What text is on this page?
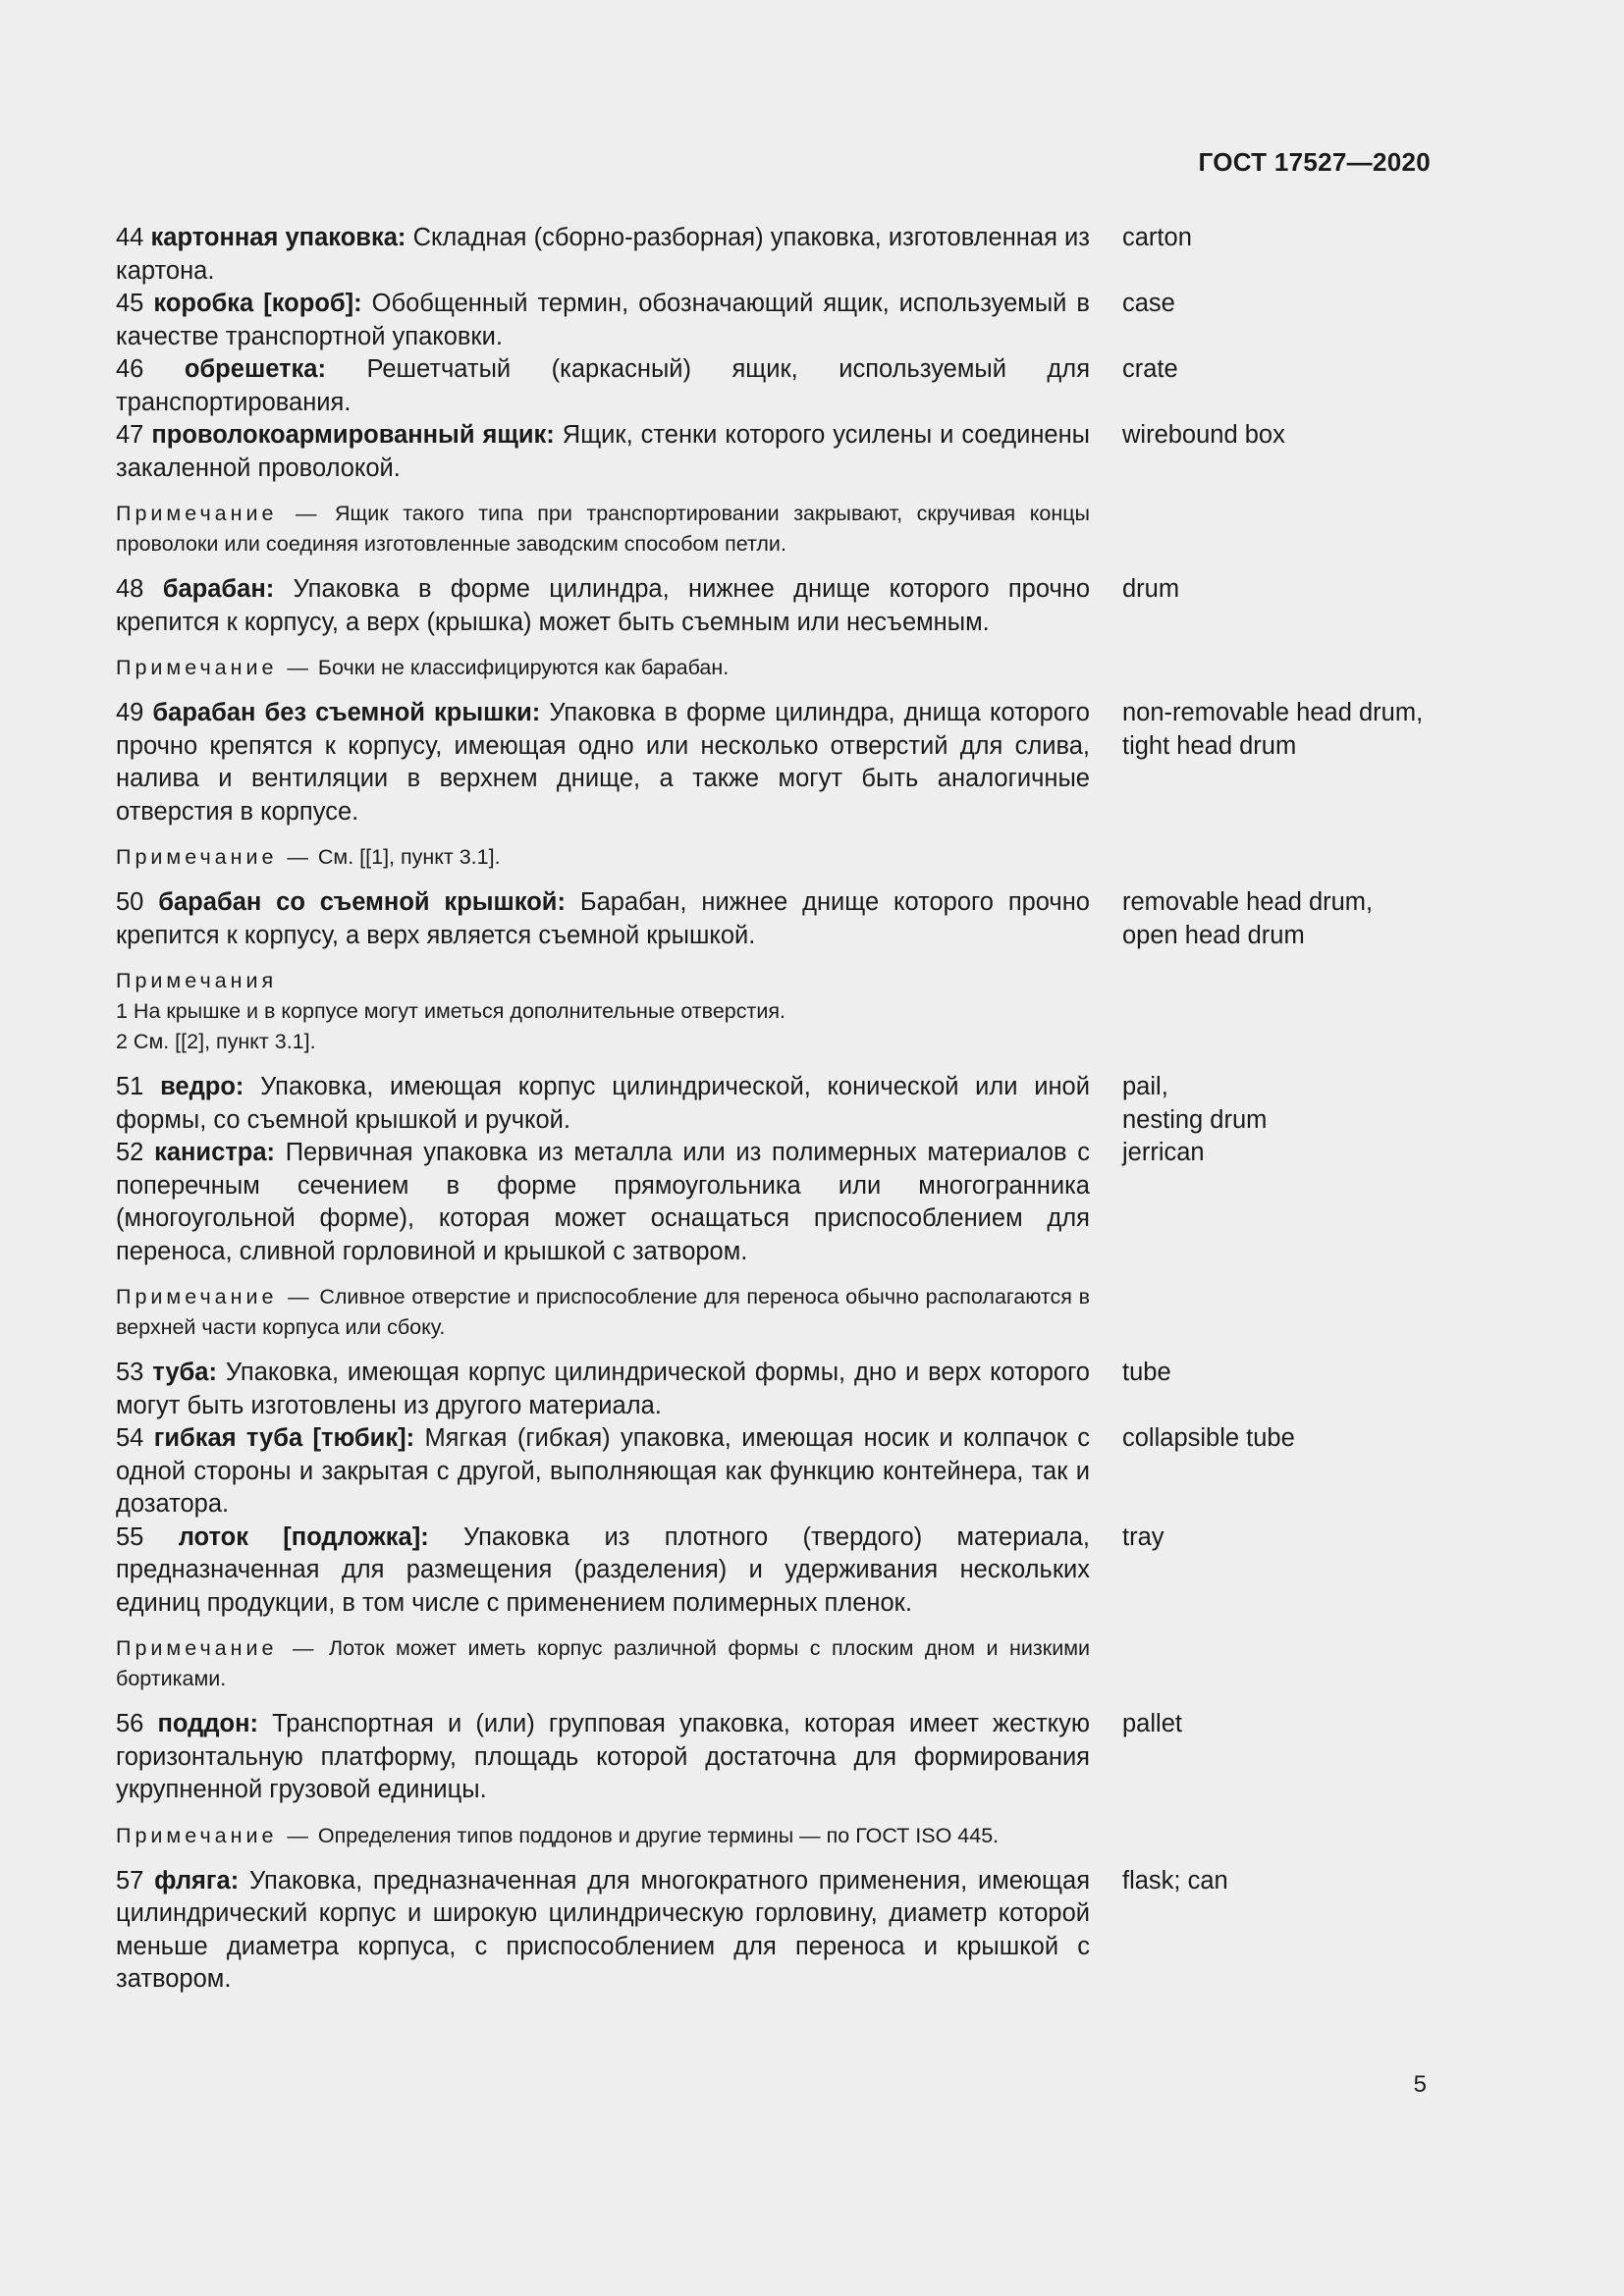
ГОСТ 17527—2020
44 картонная упаковка: Складная (сборно-разборная) упаковка, изготовленная из картона.
carton
45 коробка [короб]: Обобщенный термин, обозначающий ящик, используемый в качестве транспортной упаковки.
case
46 обрешетка: Решетчатый (каркасный) ящик, используемый для транспортирования.
crate
47 проволокоармированный ящик: Ящик, стенки которого усилены и соединены закаленной проволокой.
wirebound box
Примечание — Ящик такого типа при транспортировании закрывают, скручивая концы проволоки или соединяя изготовленные заводским способом петли.
48 барабан: Упаковка в форме цилиндра, нижнее днище которого прочно крепится к корпусу, а верх (крышка) может быть съемным или несъемным.
drum
Примечание — Бочки не классифицируются как барабан.
49 барабан без съемной крышки: Упаковка в форме цилиндра, днища которого прочно крепятся к корпусу, имеющая одно или несколько отверстий для слива, налива и вентиляции в верхнем днище, а также могут быть аналогичные отверстия в корпусе.
non-removable head drum,
tight head drum
Примечание — См. [[1], пункт 3.1].
50 барабан со съемной крышкой: Барабан, нижнее днище которого прочно крепится к корпусу, а верх является съемной крышкой.
removable head drum,
open head drum
Примечания
1 На крышке и в корпусе могут иметься дополнительные отверстия.
2 См. [[2], пункт 3.1].
51 ведро: Упаковка, имеющая корпус цилиндрической, конической или иной формы, со съемной крышкой и ручкой.
pail,
nesting drum
52 канистра: Первичная упаковка из металла или из полимерных материалов с поперечным сечением в форме прямоугольника или многогранника (многоугольной форме), которая может оснащаться приспособлением для переноса, сливной горловиной и крышкой с затвором.
jerrican
Примечание — Сливное отверстие и приспособление для переноса обычно располагаются в верхней части корпуса или сбоку.
53 туба: Упаковка, имеющая корпус цилиндрической формы, дно и верх которого могут быть изготовлены из другого материала.
tube
54 гибкая туба [тюбик]: Мягкая (гибкая) упаковка, имеющая носик и колпачок с одной стороны и закрытая с другой, выполняющая как функцию контейнера, так и дозатора.
collapsible tube
55 лоток [подложка]: Упаковка из плотного (твердого) материала, предназначенная для размещения (разделения) и удерживания нескольких единиц продукции, в том числе с применением полимерных пленок.
tray
Примечание — Лоток может иметь корпус различной формы с плоским дном и низкими бортиками.
56 поддон: Транспортная и (или) групповая упаковка, которая имеет жесткую горизонтальную платформу, площадь которой достаточна для формирования укрупненной грузовой единицы.
pallet
Примечание — Определения типов поддонов и другие термины — по ГОСТ ISO 445.
57 фляга: Упаковка, предназначенная для многократного применения, имеющая цилиндрический корпус и широкую цилиндрическую горловину, диаметр которой меньше диаметра корпуса, с приспособлением для переноса и крышкой с затвором.
flask; can
5
